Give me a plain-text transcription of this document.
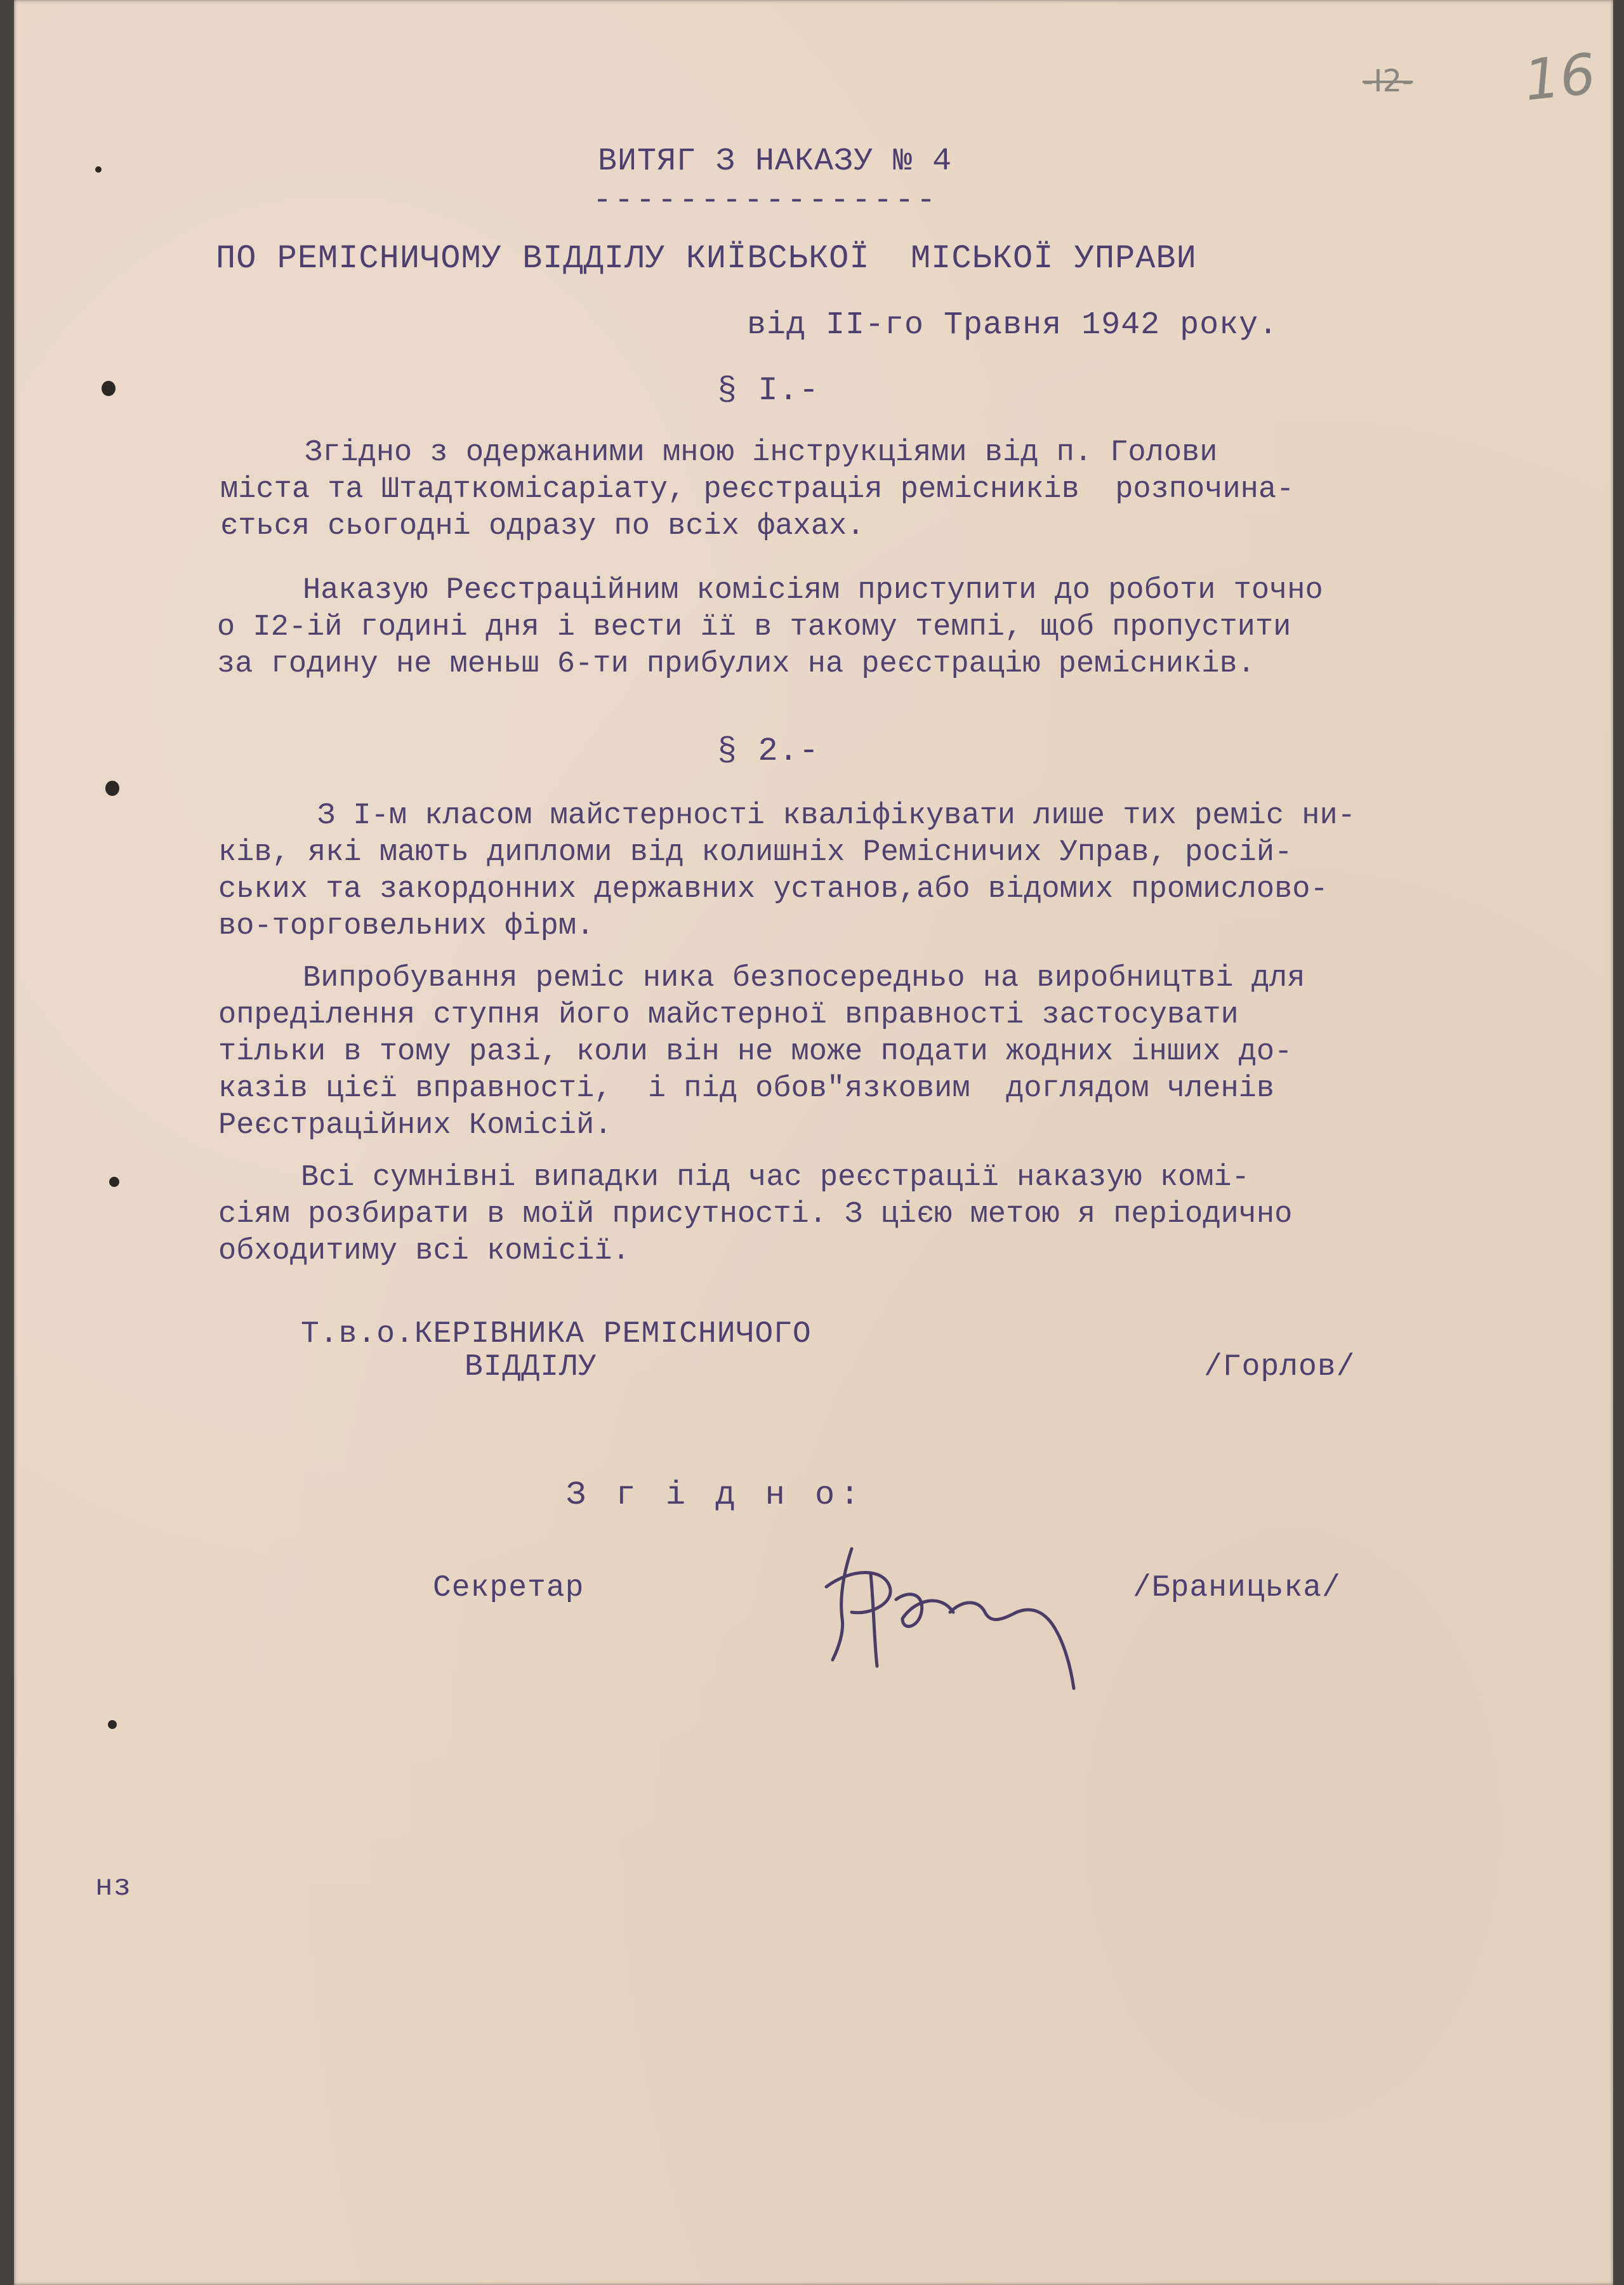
16
-I2-
ВИТЯГ З НАКАЗУ № 4
----------------
ПО РЕМІСНИЧОМУ ВІДДІЛУ КИЇВСЬКОЇ  МІСЬКОЇ УПРАВИ
від II-го Травня 1942 року.
§ I.-
Згідно з одержаними мною інструкціями від п. Голови
міста та Штадткомісаріату, реєстрація ремісників  розпочина-
ється сьогодні одразу по всіх фахах.
Наказую Реєстраційним комісіям приступити до роботи точно
о I2-ій годині дня і вести її в такому темпі, щоб пропустити
за годину не меньш 6-ти прибулих на реєстрацію ремісників.
§ 2.-
З I-м класом майстерності кваліфікувати лише тих реміс ни-
ків, які мають дипломи від колишніх Ремісничих Управ, росій-
ських та закордонних державних установ,або відомих промислово-
во-торговельних фірм.
Випробування реміс ника безпосередньо на виробництві для
опреділення ступня його майстерної вправності застосувати
тільки в тому разі, коли він не може подати жодних інших до-
казів цієї вправності,  і під обов"язковим  доглядом членів
Реєстраційних Комісій.
Всі сумнівні випадки під час реєстрації наказую комі-
сіям розбирати в моїй присутності. З цією метою я періодично
обходитиму всі комісії.
Т.в.о.КЕРІВНИКА РЕМІСНИЧОГО
ВІДДІЛУ	/Горлов/
З г і д н о:
Секретар	/Браницька/
нз
